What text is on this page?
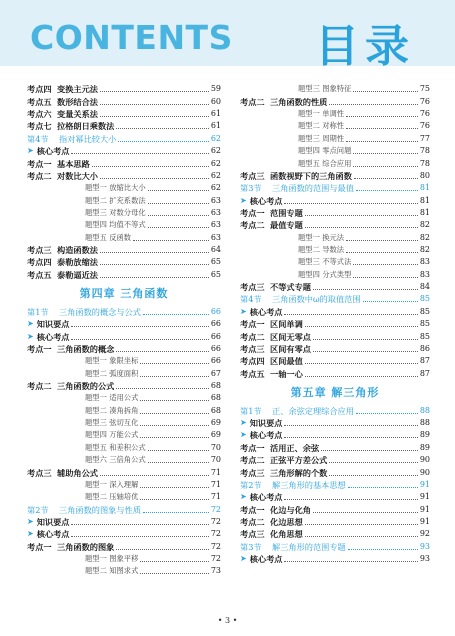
CONTENTS 目录
考点四 变换主元法	59
考点五 数形结合法	60
考点六 变量关系法	61
考点七 拉格朗日乘数法	61
第4节	指对幂比较大小	62
➤ 核心考点	62
考点一 基本思路	62
考点二 对数比大小	62
题型一 放缩比大小	62
题型二 扩充系数法	63
题型三 对数分母化	63
题型四 均值不等式	63
题型五 反函数	63
考点三 构造函数法	64
考点四 泰勒放缩法	65
考点五 泰勒逼近法	65
第四章 三角函数
第1节	三角函数的概念与公式	66
➤ 知识要点	66
➤ 核心考点	66
考点一 三角函数的概念	66
题型一 象限坐标	66
题型二 弧度面积	67
考点二 三角函数的公式	68
题型一 适用公式	68
题型二 凑角拆角	68
题型三 弦切互化	69
题型四 万能公式	69
题型五 和差积公式	70
题型六 三倍角公式	70
考点三 辅助角公式	71
题型一 深入理解	71
题型二 压轴培优	71
第2节	三角函数的图象与性质	72
➤ 知识要点	72
➤ 核心考点	72
考点一 三角函数的图象	72
题型一 图象平移	72
题型二 知图求式	73
题型三 图象特征	75
考点二 三角函数的性质	76
题型一 单调性	76
题型二 对称性	76
题型三 周期性	77
题型四 零点问题	78
题型五 综合应用	78
考点三 函数视野下的三角函数	80
第3节	三角函数的范围与最值	81
➤ 核心考点	81
考点一 范围专题	81
考点二 最值专题	82
题型一 换元法	82
题型二 导数法	82
题型三 不等式法	83
题型四 分式类型	83
考点三 不等式专题	84
第4节	三角函数中ω的取值范围	85
➤ 核心考点	85
考点一 区间单调	85
考点二 区间无零点	85
考点三 区间有零点	86
考点四 区间最值	87
考点五 一轴一心	87
第五章 解三角形
第1节	正、余弦定理综合应用	88
➤ 知识要点	88
➤ 核心考点	89
考点一 活用正、余弦	89
考点二 正弦平方差公式	90
考点三 三角形解的个数	90
第2节	解三角形的基本思想	91
➤ 核心考点	91
考点一 化边与化角	91
考点二 化边思想	91
考点三 化角思想	92
第3节	解三角形的范围专题	93
➤ 核心考点	93
• 3 •
